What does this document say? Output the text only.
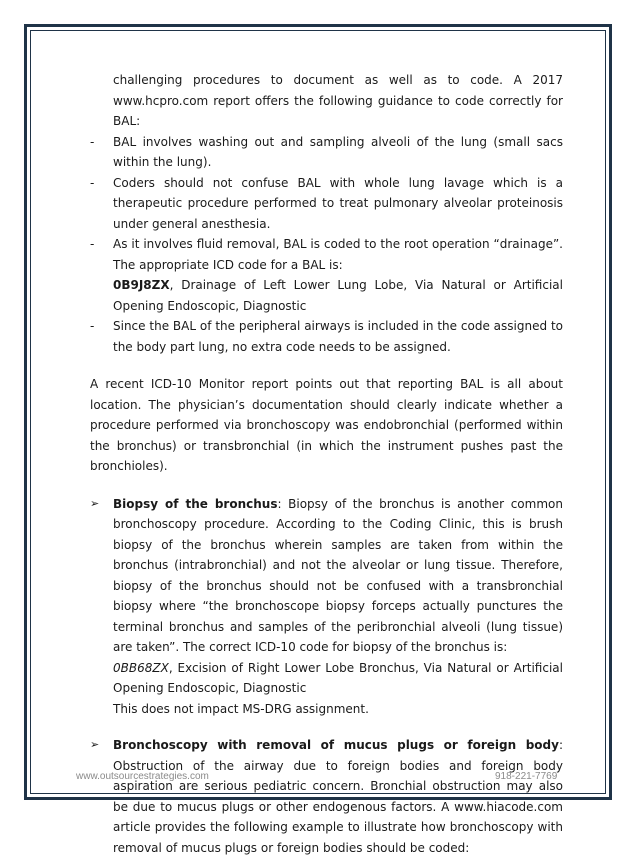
challenging procedures to document as well as to code. A 2017 www.hcpro.com report offers the following guidance to code correctly for BAL:

- BAL involves washing out and sampling alveoli of the lung (small sacs within the lung).

- Coders should not confuse BAL with whole lung lavage which is a therapeutic procedure performed to treat pulmonary alveolar proteinosis under general anesthesia.

- As it involves fluid removal, BAL is coded to the root operation “drainage”. The appropriate ICD code for a BAL is:

0B9J8ZX, Drainage of Left Lower Lung Lobe, Via Natural or Artificial Opening Endoscopic, Diagnostic

- Since the BAL of the peripheral airways is included in the code assigned to the body part lung, no extra code needs to be assigned.

A recent ICD-10 Monitor report points out that reporting BAL is all about location. The physician’s documentation should clearly indicate whether a procedure performed via bronchoscopy was endobronchial (performed within the bronchus) or transbronchial (in which the instrument pushes past the bronchioles).

➢ Biopsy of the bronchus: Biopsy of the bronchus is another common bronchoscopy procedure. According to the Coding Clinic, this is brush biopsy of the bronchus wherein samples are taken from within the bronchus (intrabronchial) and not the alveolar or lung tissue. Therefore, biopsy of the bronchus should not be confused with a transbronchial biopsy where “the bronchoscope biopsy forceps actually punctures the terminal bronchus and samples of the peribronchial alveoli (lung tissue) are taken”. The correct ICD-10 code for biopsy of the bronchus is:

0BB68ZX, Excision of Right Lower Lobe Bronchus, Via Natural or Artificial Opening Endoscopic, Diagnostic

This does not impact MS-DRG assignment.

➢ Bronchoscopy with removal of mucus plugs or foreign body: Obstruction of the airway due to foreign bodies and foreign body aspiration are serious pediatric concern. Bronchial obstruction may also be due to mucus plugs or other endogenous factors. A www.hiacode.com article provides the following example to illustrate how bronchoscopy with removal of mucus plugs or foreign bodies should be coded:

www.outsourcestrategies.com	918-221-7769
